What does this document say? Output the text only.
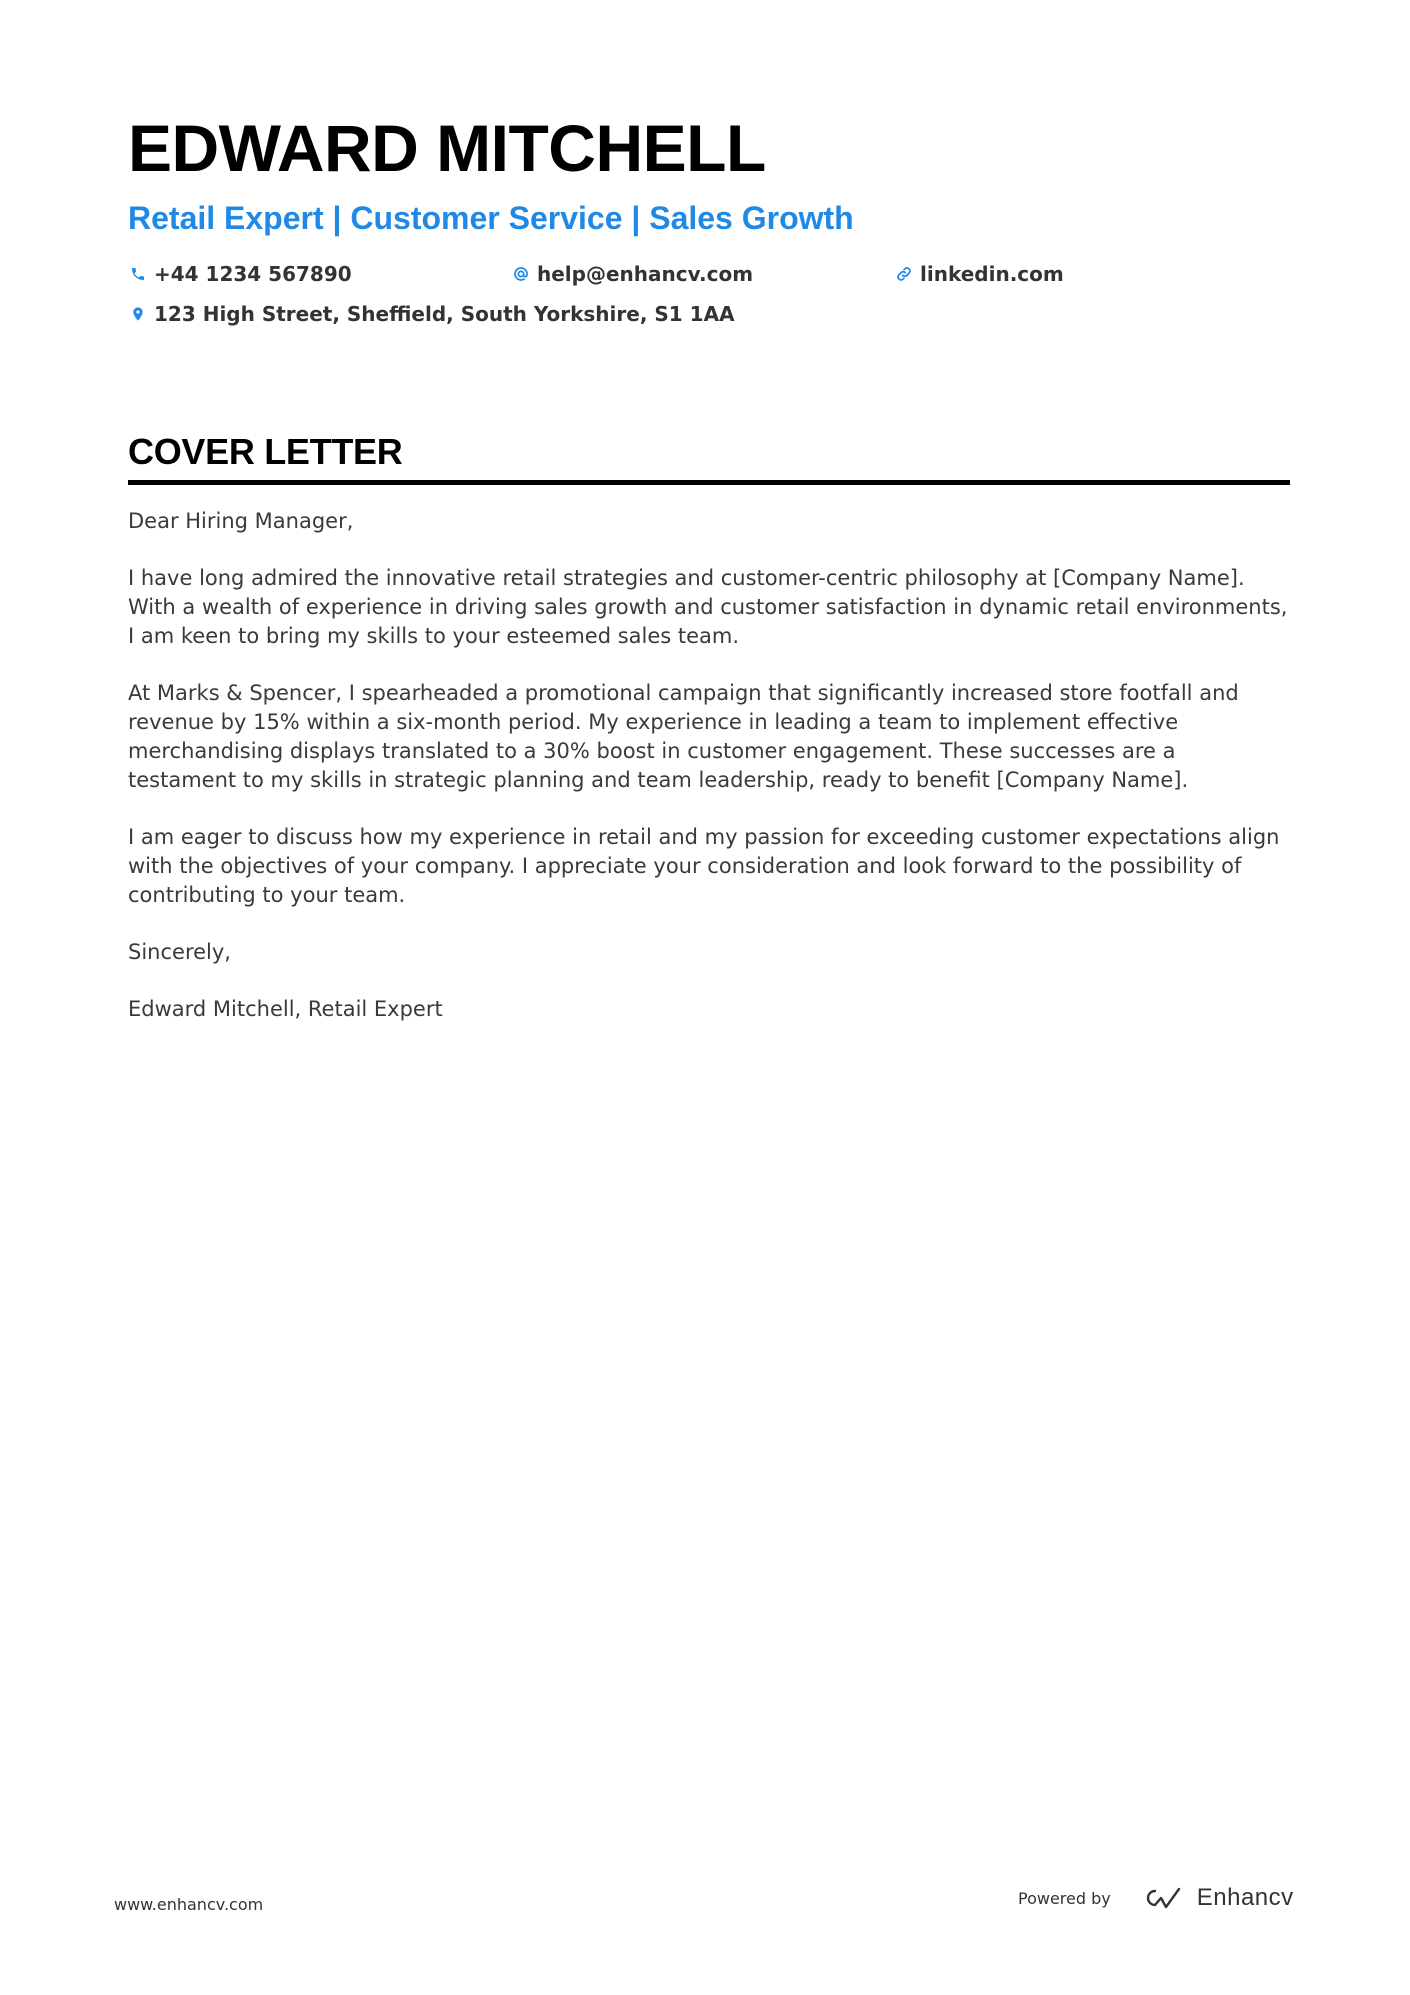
EDWARD MITCHELL
Retail Expert | Customer Service | Sales Growth
+44 1234 567890	help@enhancv.com	linkedin.com
123 High Street, Sheffield, South Yorkshire, S1 1AA
COVER LETTER

Dear Hiring Manager,

I have long admired the innovative retail strategies and customer-centric philosophy at [Company Name]. With a wealth of experience in driving sales growth and customer satisfaction in dynamic retail environments, I am keen to bring my skills to your esteemed sales team.

At Marks & Spencer, I spearheaded a promotional campaign that significantly increased store footfall and revenue by 15% within a six-month period. My experience in leading a team to implement effective merchandising displays translated to a 30% boost in customer engagement. These successes are a testament to my skills in strategic planning and team leadership, ready to benefit [Company Name].

I am eager to discuss how my experience in retail and my passion for exceeding customer expectations align with the objectives of your company. I appreciate your consideration and look forward to the possibility of contributing to your team.

Sincerely,

Edward Mitchell, Retail Expert

www.enhancv.com	Powered by	Enhancv
